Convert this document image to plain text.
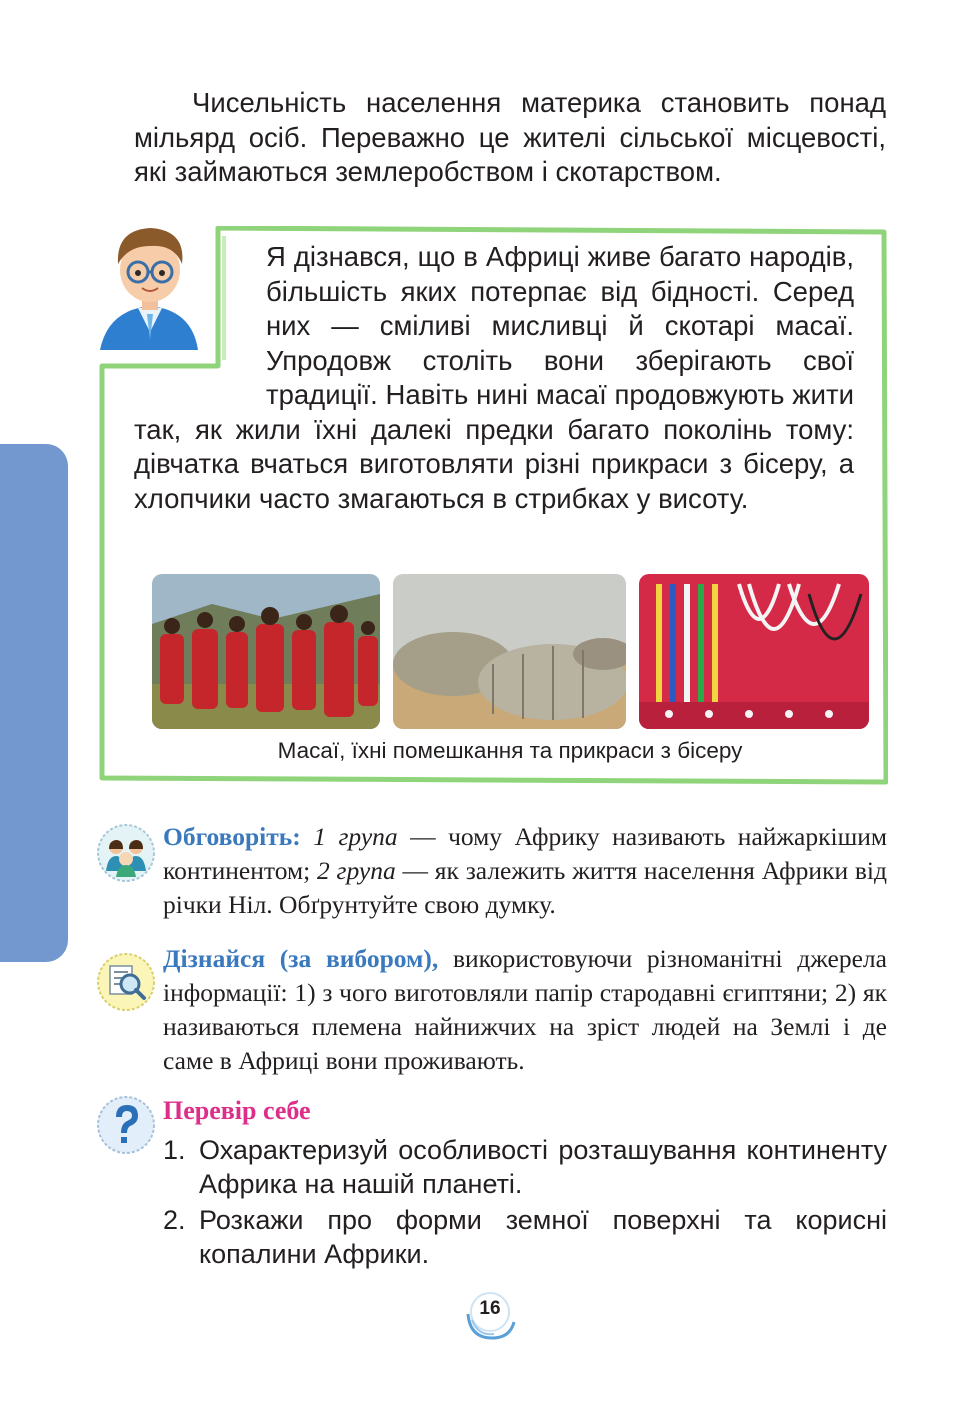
Чисельність населення материка становить понад мільярд осіб. Переважно це жителі сільської місцевості, які займаються землеробством і скотарством.

Я дізнався, що в Африці живе багато народів, більшість яких потерпає від бідності. Серед них — сміливі мисливці й скотарі масаї. Упродовж століть вони зберігають свої традиції. Навіть нині масаї продовжують жити так, як жили їхні далекі предки багато поколінь тому: дівчатка вчаться виготовляти різні прикраси з бісеру, а хлопчики часто змагаються в стрибках у висоту.

Масаї, їхні помешкання та прикраси з бісеру

Обговоріть: 1 група — чому Африку називають найжаркішим континентом; 2 група — як залежить життя населення Африки від річки Ніл. Обґрунтуйте свою думку.

Дізнайся (за вибором), використовуючи різноманітні джерела інформації: 1) з чого виготовляли папір стародавні єгиптяни; 2) як називаються племена найнижчих на зріст людей на Землі і де саме в Африці вони проживають.

Перевір себе

1. Охарактеризуй особливості розташування континенту Африка на нашій планеті.
2. Розкажи про форми земної поверхні та корисні копалини Африки.
16
